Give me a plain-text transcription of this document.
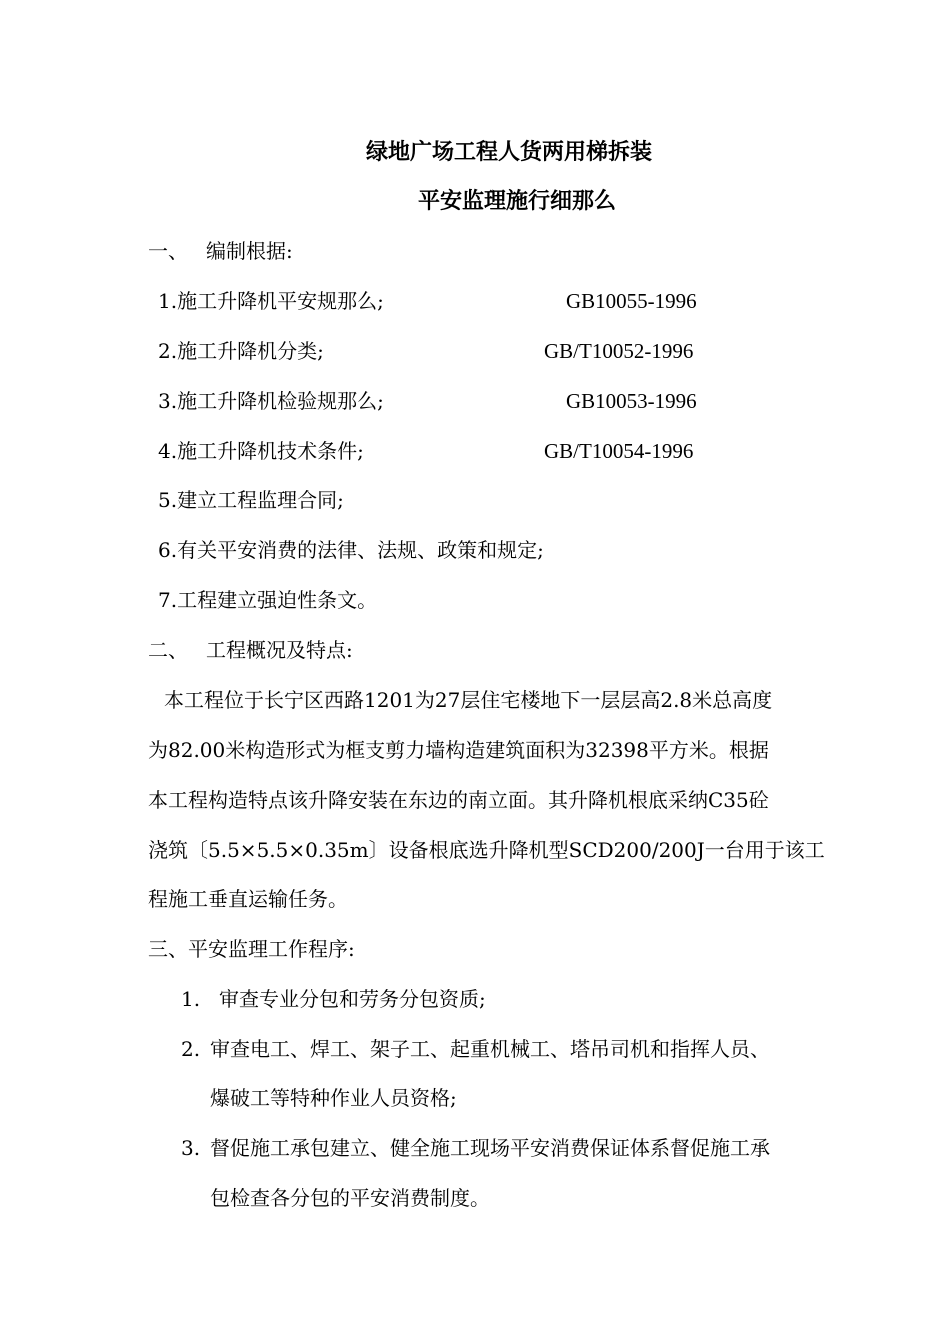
绿地广场工程人货两用梯拆装
平安监理施行细那么
一、 编制根据:
1.施工升降机平安规那么;	GB10055-1996
2.施工升降机分类;	GB/T10052-1996
3.施工升降机检验规那么;	GB10053-1996
4.施工升降机技术条件;	GB/T10054-1996
5.建立工程监理合同;
6.有关平安消费的法律、法规、政策和规定;
7.工程建立强迫性条文。
二、 工程概况及特点:
本工程位于长宁区西路1201为27层住宅楼地下一层层高2.8米总高度
为82.00米构造形式为框支剪力墙构造建筑面积为32398平方米。根据
本工程构造特点该升降安装在东边的南立面。其升降机根底采纳C35砼
浇筑〔5.5×5.5×0.35m〕设备根底选升降机型SCD200/200J一台用于该工
程施工垂直运输任务。
三、平安监理工作程序:
1. 审查专业分包和劳务分包资质;
2. 审查电工、焊工、架子工、起重机械工、塔吊司机和指挥人员、
爆破工等特种作业人员资格;
3. 督促施工承包建立、健全施工现场平安消费保证体系督促施工承
包检查各分包的平安消费制度。
